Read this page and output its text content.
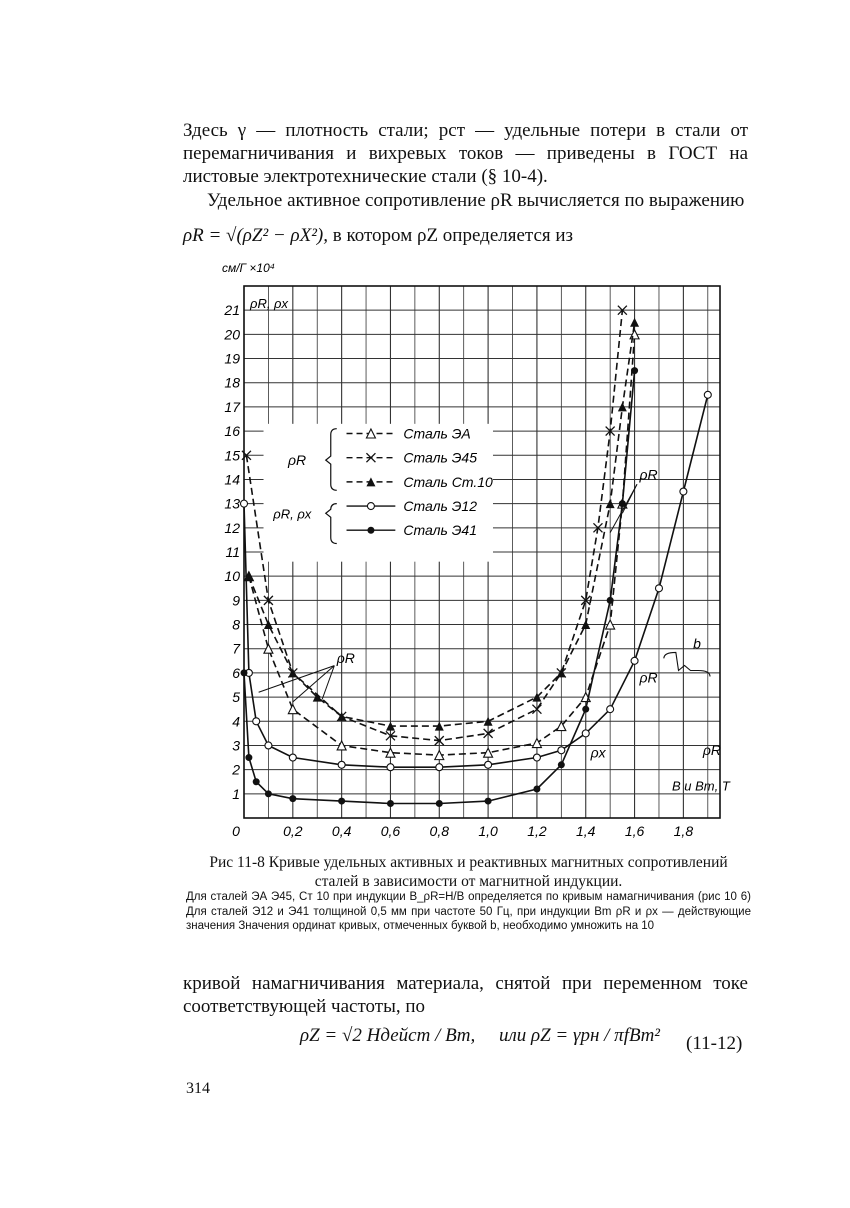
Здесь γ — плотность стали; pст — удельные потери в стали от перемагничивания и вихревых токов — приведены в ГОСТ на листовые электротехнические стали (§ 10-4).
Удельное активное сопротивление ρR вычисляется по выражению
ρR = √(ρZ² − ρX²), в котором ρZ определяется из
1
2
3
4
5
6
7
8
9
10
11
12
13
14
15
16
17
18
19
20
21
0	0,2 0,4 0,6 0,8 1,0 1,2 1,4 1,6 1,8
см/Г ×10⁴
ρR, ρx
B и Bm, T
Сталь ЭА
Сталь Э45
Сталь Ст.10
Сталь Э12
Сталь Э41
ρR
ρR, ρx
ρR
ρR
ρR
ρR
ρx
b
Рис 11-8 Кривые удельных активных и реактивных магнитных сопротивлений сталей в зависимости от магнитной индукции.
Для сталей ЭА Э45, Ст 10 при индукции B_ρR=H/B определяется по кривым намагничивания (рис 10 6) Для сталей Э12 и Э41 толщиной 0,5 мм при частоте 50 Гц, при индукции Bm ρR и ρx — действующие значения Значения ординат кривых, отмеченных буквой b, необходимо умножить на 10
кривой намагничивания материала, снятой при переменном токе соответствующей частоты, по
ρZ = √2 Hдейст / Bm, или ρZ = γpн / πfBm² (11-12)
314
